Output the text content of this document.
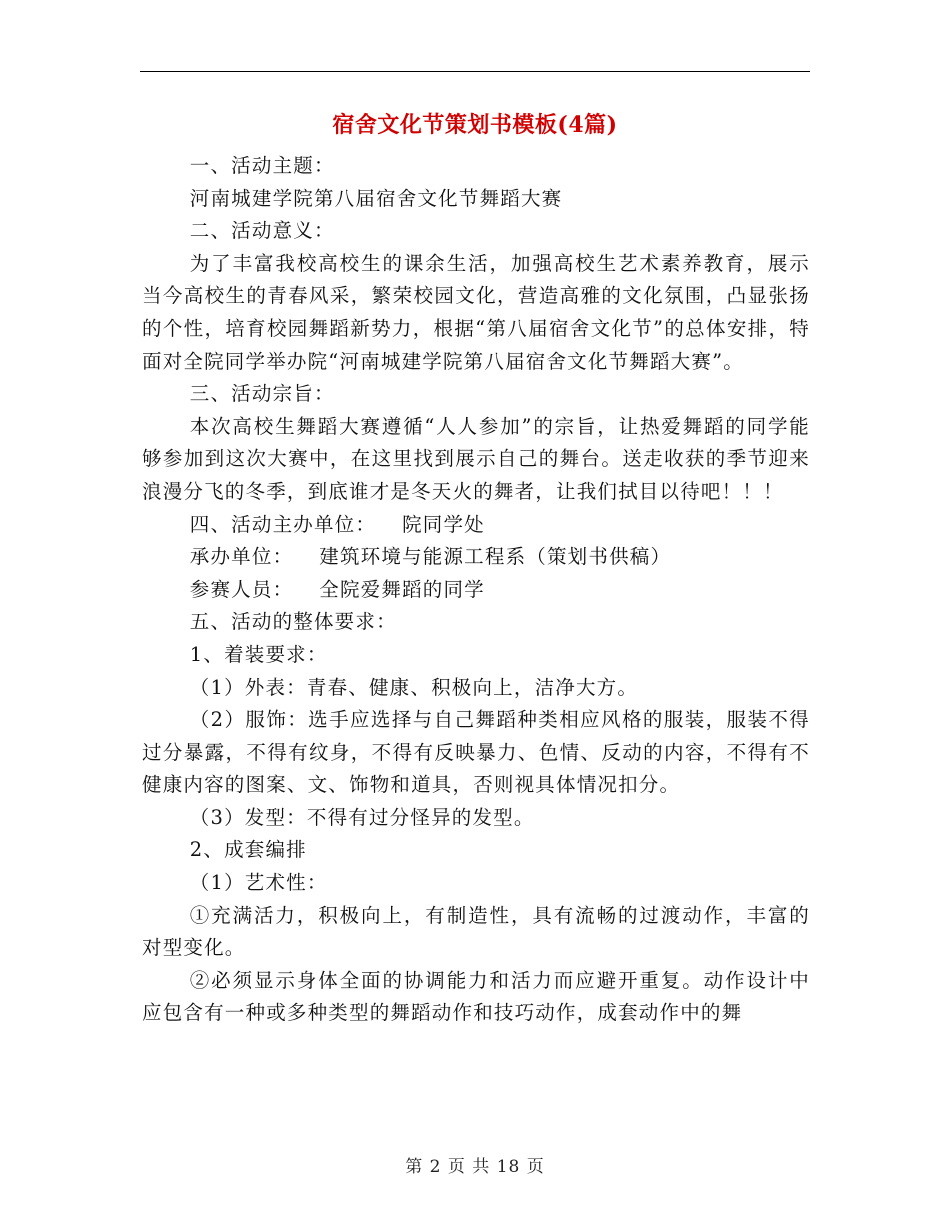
宿舍文化节策划书模板(4篇)

一、活动主题：

河南城建学院第八届宿舍文化节舞蹈大赛

二、活动意义：

为了丰富我校高校生的课余生活，加强高校生艺术素养教育，展示当今高校生的青春风采，繁荣校园文化，营造高雅的文化氛围，凸显张扬的个性，培育校园舞蹈新势力，根据“第八届宿舍文化节”的总体安排，特面对全院同学举办院“河南城建学院第八届宿舍文化节舞蹈大赛”。

三、活动宗旨：

本次高校生舞蹈大赛遵循“人人参加”的宗旨，让热爱舞蹈的同学能够参加到这次大赛中，在这里找到展示自己的舞台。送走收获的季节迎来浪漫分飞的冬季，到底谁才是冬天火的舞者，让我们拭目以待吧！！！

四、活动主办单位： 院同学处

承办单位： 建筑环境与能源工程系（策划书供稿）

参赛人员： 全院爱舞蹈的同学

五、活动的整体要求：

1、着装要求：

（1）外表：青春、健康、积极向上，洁净大方。

（2）服饰：选手应选择与自己舞蹈种类相应风格的服装，服装不得过分暴露，不得有纹身，不得有反映暴力、色情、反动的内容，不得有不健康内容的图案、文、饰物和道具，否则视具体情况扣分。

（3）发型：不得有过分怪异的发型。

2、成套编排

（1）艺术性：

①充满活力，积极向上，有制造性，具有流畅的过渡动作，丰富的对型变化。

②必须显示身体全面的协调能力和活力而应避开重复。动作设计中应包含有一种或多种类型的舞蹈动作和技巧动作，成套动作中的舞

第 2 页 共 18 页
